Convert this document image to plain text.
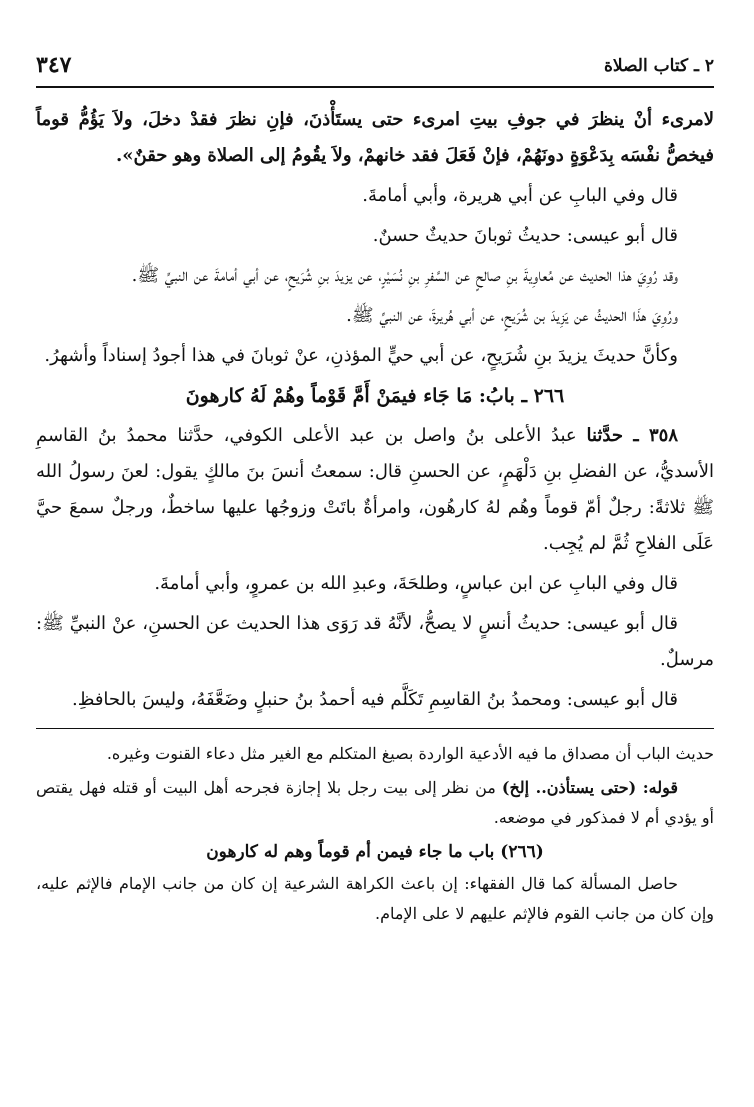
٣٤٧	٢ ـ كتاب الصلاة

لامرىء أنْ ينظرَ في جوفِ بيتِ امرىء حتى يستَأْذنَ، فإنِ نظرَ فقدْ دخلَ، ولاَ يَؤُمُّ قوماً فيخصُّ نفْسَه بِدَعْوَةٍ دونَهُمْ، فإنْ فَعَلَ فقد خانهمْ، ولاَ يقُومُ إلى الصلاة وهو حقنٌ».

قال وفي البابِ عن أبي هريرة، وأبي أمامةَ.

قال أبو عيسى: حديثُ ثوبانَ حديثٌ حسنٌ.

وقد رُوِيَ هذا الحديث عن مُعاوِيةَ بنِ صالحٍ عن السَّفرِ بنِ نُسَيْرٍ، عن يزيدَ بنِ شُرَيحٍ، عن أبي أمامةَ عن النبيِّ ﷺ.

ورُوِيَ هذَا الحديثُ عن يَزِيدَ بن شُرَيحٍ، عن أبي هُريرةَ، عن النبيِّ ﷺ.

وكأنَّ حديثَ يزيدَ بنِ شُرَيحٍ، عن أبي حيٍّ المؤذنِ، عنْ ثوبانَ في هذا أجودُ إسناداً وأشهرُ.

٢٦٦ ـ بابُ: مَا جَاء فيمَنْ أَمَّ قَوْماً وهُمْ لَهُ كارهونَ

٣٥٨ ـ حدَّثنا عبدُ الأعلى بنُ واصل بن عبد الأعلى الكوفي، حدَّثنا محمدُ بنُ القاسمِ الأسديُّ، عن الفضلِ بنِ دَلْهَمٍ، عن الحسنِ قال: سمعتُ أنسَ بنَ مالكٍ يقول: لعنَ رسولُ الله ﷺ ثلاثةً: رجلٌ أمّ قوماً وهُم لهُ كارهُون، وامرأةٌ باتَتْ وزوجُها عليها ساخطٌ، ورجلٌ سمعَ حيَّ عَلَى الفلاحِ ثُمَّ لم يُجِب.

قال وفي البابِ عن ابن عباسٍ، وطلحَةَ، وعبدِ الله بن عمروٍ، وأبي أمامةَ.

قال أبو عيسى: حديثُ أنسٍ لا يصحُّ، لأنَّهُ قد رَوَى هذا الحديث عن الحسنِ، عنْ النبيِّ ﷺ: مرسلٌ.

قال أبو عيسى: ومحمدُ بنُ القاسِمِ تَكَلَّم فيه أحمدُ بنُ حنبلٍ وضَعَّفَهُ، وليسَ بالحافظِ.

حديث الباب أن مصداق ما فيه الأدعية الواردة بصيغ المتكلم مع الغير مثل دعاء القنوت وغيره.

قوله: (حتى يستأذن.. إلخ) من نظر إلى بيت رجل بلا إجازة فجرحه أهل البيت أو قتله فهل يقتص أو يؤدي أم لا فمذكور في موضعه.

(٢٦٦) باب ما جاء فيمن أم قوماً وهم له كارهون

حاصل المسألة كما قال الفقهاء: إن باعث الكراهة الشرعية إن كان من جانب الإمام فالإثم عليه، وإن كان من جانب القوم فالإثم عليهم لا على الإمام.
